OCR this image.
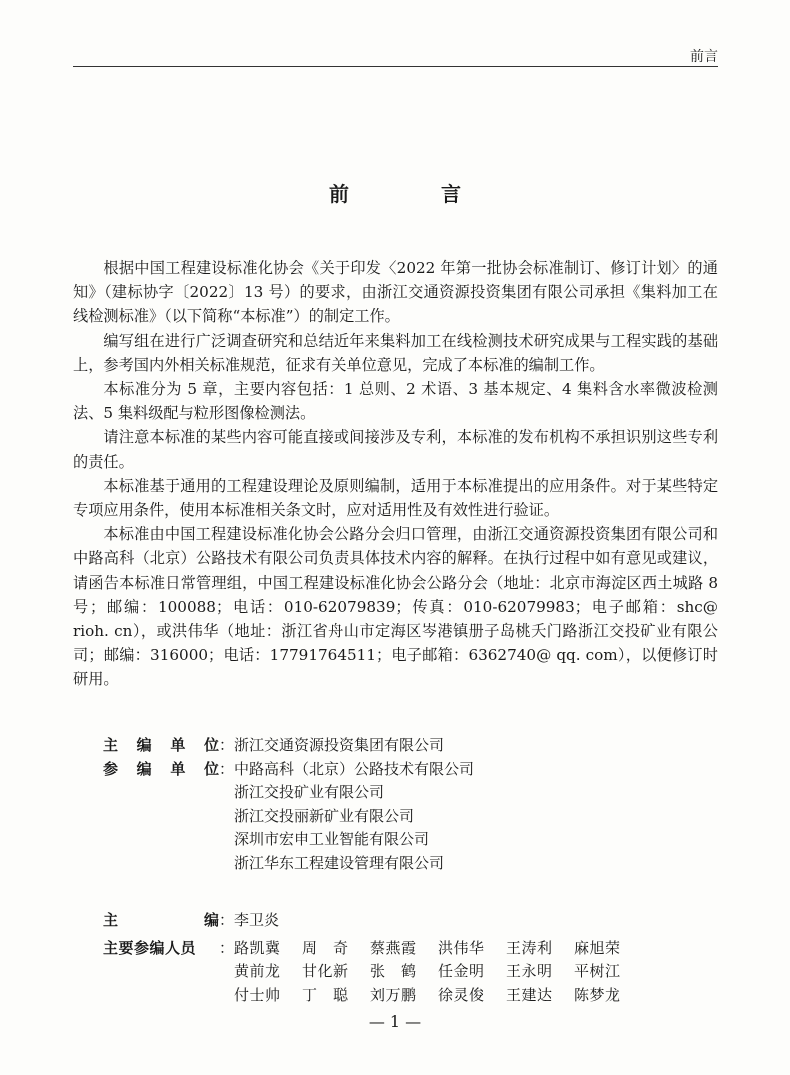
前言
前　言

根据中国工程建设标准化协会《关于印发〈2022 年第一批协会标准制订、修订计划〉的通知》（建标协字〔2022〕13 号）的要求，由浙江交通资源投资集团有限公司承担《集料加工在线检测标准》（以下简称“本标准”）的制定工作。

编写组在进行广泛调查研究和总结近年来集料加工在线检测技术研究成果与工程实践的基础上，参考国内外相关标准规范，征求有关单位意见，完成了本标准的编制工作。

本标准分为 5 章，主要内容包括：1 总则、2 术语、3 基本规定、4 集料含水率微波检测法、5 集料级配与粒形图像检测法。

请注意本标准的某些内容可能直接或间接涉及专利，本标准的发布机构不承担识别这些专利的责任。

本标准基于通用的工程建设理论及原则编制，适用于本标准提出的应用条件。对于某些特定专项应用条件，使用本标准相关条文时，应对适用性及有效性进行验证。

本标准由中国工程建设标准化协会公路分会归口管理，由浙江交通资源投资集团有限公司和中路高科（北京）公路技术有限公司负责具体技术内容的解释。在执行过程中如有意见或建议，请函告本标准日常管理组，中国工程建设标准化协会公路分会（地址：北京市海淀区西土城路 8 号；邮编：100088；电话：010-62079839；传真：010-62079983；电子邮箱：shc@ rioh. cn），或洪伟华（地址：浙江省舟山市定海区岑港镇册子岛桃夭门路浙江交投矿业有限公司；邮编：316000；电话：17791764511；电子邮箱：6362740@ qq. com），以便修订时研用。

主 编 单 位 ：浙江交通资源投资集团有限公司
参 编 单 位 ：中路高科（北京）公路技术有限公司
浙江交投矿业有限公司
浙江交投丽新矿业有限公司
深圳市宏申工业智能有限公司
浙江华东工程建设管理有限公司
主	编 ：李卫炎
主要参编人员 ： 路凯冀	周　奇	蔡燕霞	洪伟华	王涛利	麻旭荣
黄前龙	甘化新	张　鹤	任金明	王永明	平树江
付士帅	丁　聪	刘万鹏	徐灵俊	王建达	陈梦龙
— 1 —
